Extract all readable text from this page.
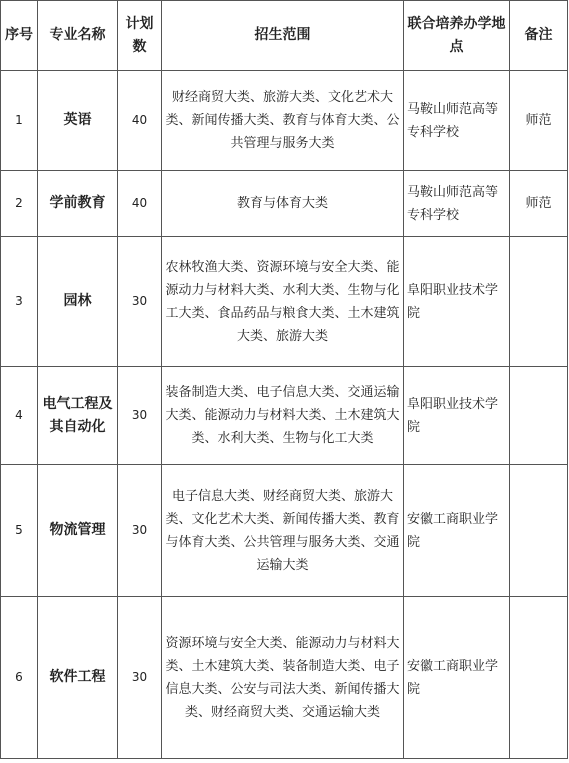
序号	专业名称	计划数	招生范围	联合培养办学地点	备注
1	英语	40	财经商贸大类、旅游大类、文化艺术大类、新闻传播大类、教育与体育大类、公共管理与服务大类	马鞍山师范高等专科学校	师范
2	学前教育	40	教育与体育大类	马鞍山师范高等专科学校	师范
3	园林	30	农林牧渔大类、资源环境与安全大类、能源动力与材料大类、水利大类、生物与化工大类、食品药品与粮食大类、土木建筑大类、旅游大类	阜阳职业技术学院	
4	电气工程及其自动化	30	装备制造大类、电子信息大类、交通运输大类、能源动力与材料大类、土木建筑大类、水利大类、生物与化工大类	阜阳职业技术学院	
5	物流管理	30	电子信息大类、财经商贸大类、旅游大类、文化艺术大类、新闻传播大类、教育与体育大类、公共管理与服务大类、交通运输大类	安徽工商职业学院	
6	软件工程	30	资源环境与安全大类、能源动力与材料大类、土木建筑大类、装备制造大类、电子信息大类、公安与司法大类、新闻传播大类、财经商贸大类、交通运输大类	安徽工商职业学院	
